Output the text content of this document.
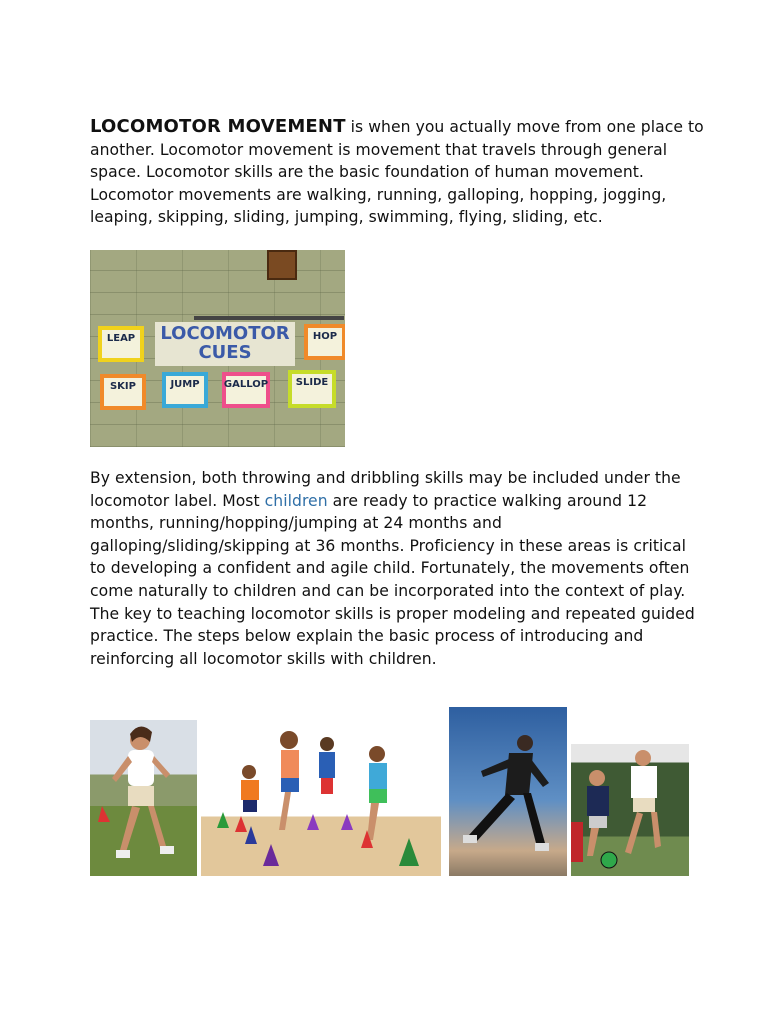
LOCOMOTOR MOVEMENT is when you actually move from one place to another. Locomotor movement is movement that travels through general space. Locomotor skills are the basic foundation of human movement. Locomotor movements are walking, running, galloping, hopping, jogging, leaping, skipping, sliding, jumping, swimming, flying, sliding, etc.

LOCOMOTOR CUES
LEAP	HOP
SKIP	JUMP	GALLOP	SLIDE

By extension, both throwing and dribbling skills may be included under the locomotor label. Most children are ready to practice walking around 12 months, running/hopping/jumping at 24 months and galloping/sliding/skipping at 36 months. Proficiency in these areas is critical to developing a confident and agile child. Fortunately, the movements often come naturally to children and can be incorporated into the context of play. The key to teaching locomotor skills is proper modeling and repeated guided practice. The steps below explain the basic process of introducing and reinforcing all locomotor skills with children.
